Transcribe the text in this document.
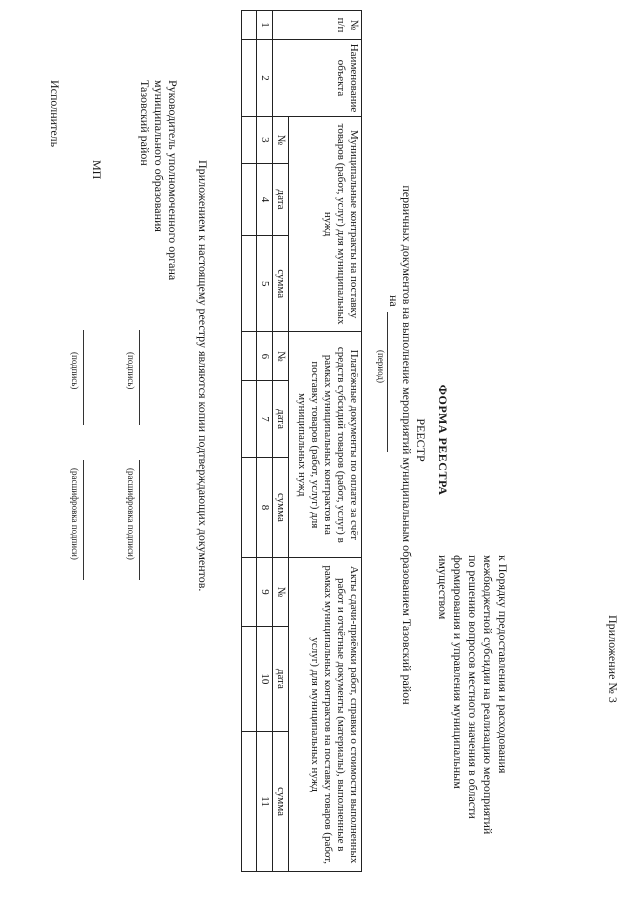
Приложение № 3
к Порядку предоставления и расходования
межбюджетной субсидии на реализацию мероприятий
по решению вопросов местного значения в области
формирования и управления муниципальным
имуществом
ФОРМА РЕЕСТРА
РЕЕСТР
первичных документов на выполнение мероприятий муниципальным образованием Тазовский район
на
(период)
№ п/п	Наименование объекта	Муниципальные контракты на поставку товаров (работ, услуг) для муниципальных нужд			Платёжные документы по оплате за счёт средств субсидий товаров (работ, услуг) в рамках муниципальных контрактов на поставку товаров (работ, услуг) для муниципальных нужд			Акты сдачи-приёмки работ, справки о стоимости выполненных работ и отчётные документы (материалы), выполненные в рамках муниципальных контрактов на поставку товаров (работ, услуг) для муниципальных нужд		
		№	дата	сумма	№	дата	сумма	№	дата	сумма
1	2	3	4	5	6	7	8	9	10	11

Приложением к настоящему реестру являются копии подтверждающих документов.
Руководитель уполномоченного органа
муниципального образования
Тазовский район
(подпись)
(расшифровка подписи)
МП
Исполнитель
(подпись)
(расшифровка подписи)
